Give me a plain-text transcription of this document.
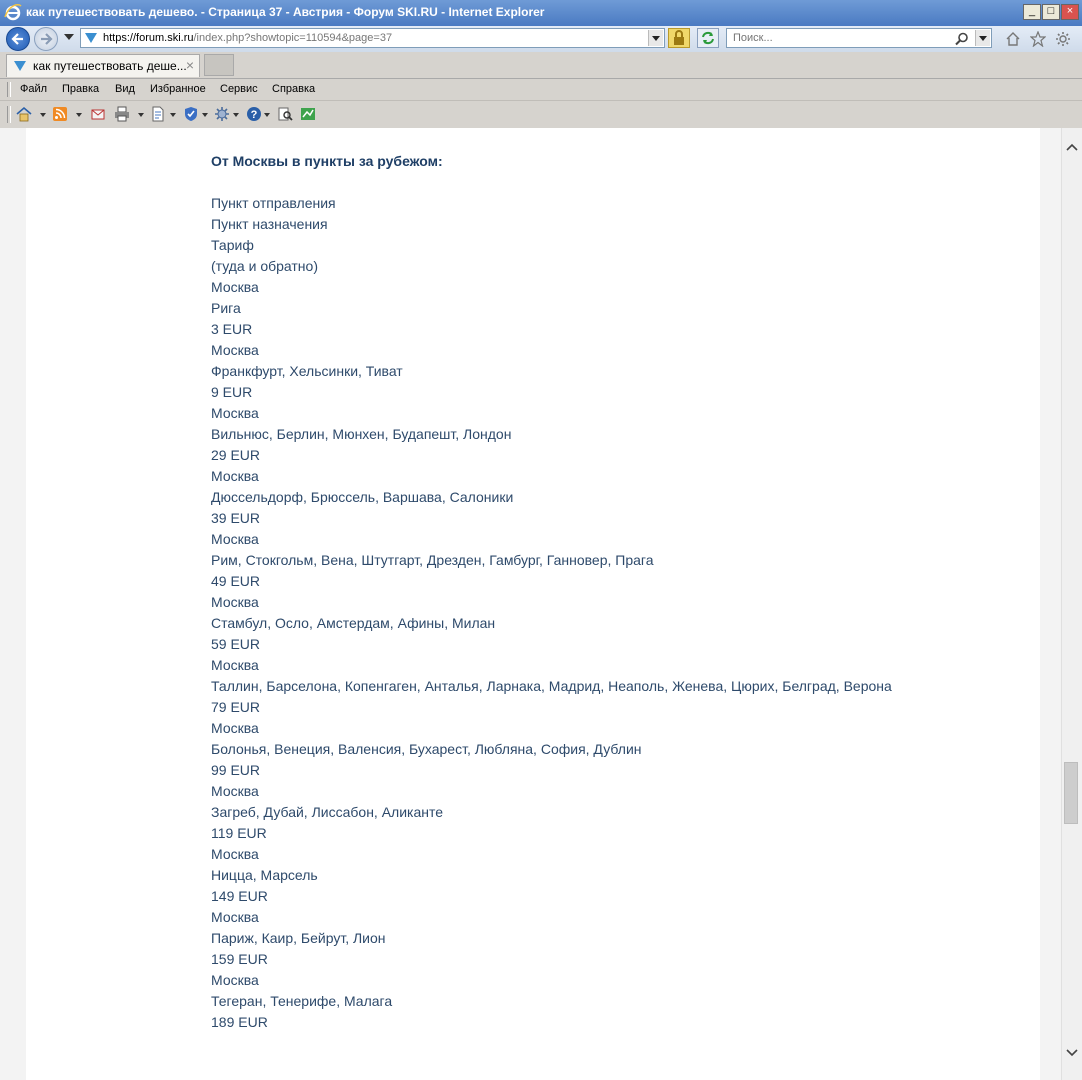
как путешествовать дешево. - Страница 37 - Австрия - Форум SKI.RU - Internet Explorer	_	□	×
https://forum.ski.ru/index.php?showtopic=110594&page=37
Поиск...
как путешествовать деше... ×
Файл Правка Вид Избранное Сервис Справка
?
От Москвы в пункты за рубежом:
Пункт отправления
Пункт назначения
Тариф
(туда и обратно)
Москва
Рига
3 EUR
Москва
Франкфурт, Хельсинки, Тиват
9 EUR
Москва
Вильнюс, Берлин, Мюнхен, Будапешт, Лондон
29 EUR
Москва
Дюссельдорф, Брюссель, Варшава, Салоники
39 EUR
Москва
Рим, Стокгольм, Вена, Штутгарт, Дрезден, Гамбург, Ганновер, Прага
49 EUR
Москва
Стамбул, Осло, Амстердам, Афины, Милан
59 EUR
Москва
Таллин, Барселона, Копенгаген, Анталья, Ларнака, Мадрид, Неаполь, Женева, Цюрих, Белград, Верона
79 EUR
Москва
Болонья, Венеция, Валенсия, Бухарест, Любляна, София, Дублин
99 EUR
Москва
Загреб, Дубай, Лиссабон, Аликанте
119 EUR
Москва
Ницца, Марсель
149 EUR
Москва
Париж, Каир, Бейрут, Лион
159 EUR
Москва
Тегеран, Тенерифе, Малага
189 EUR
